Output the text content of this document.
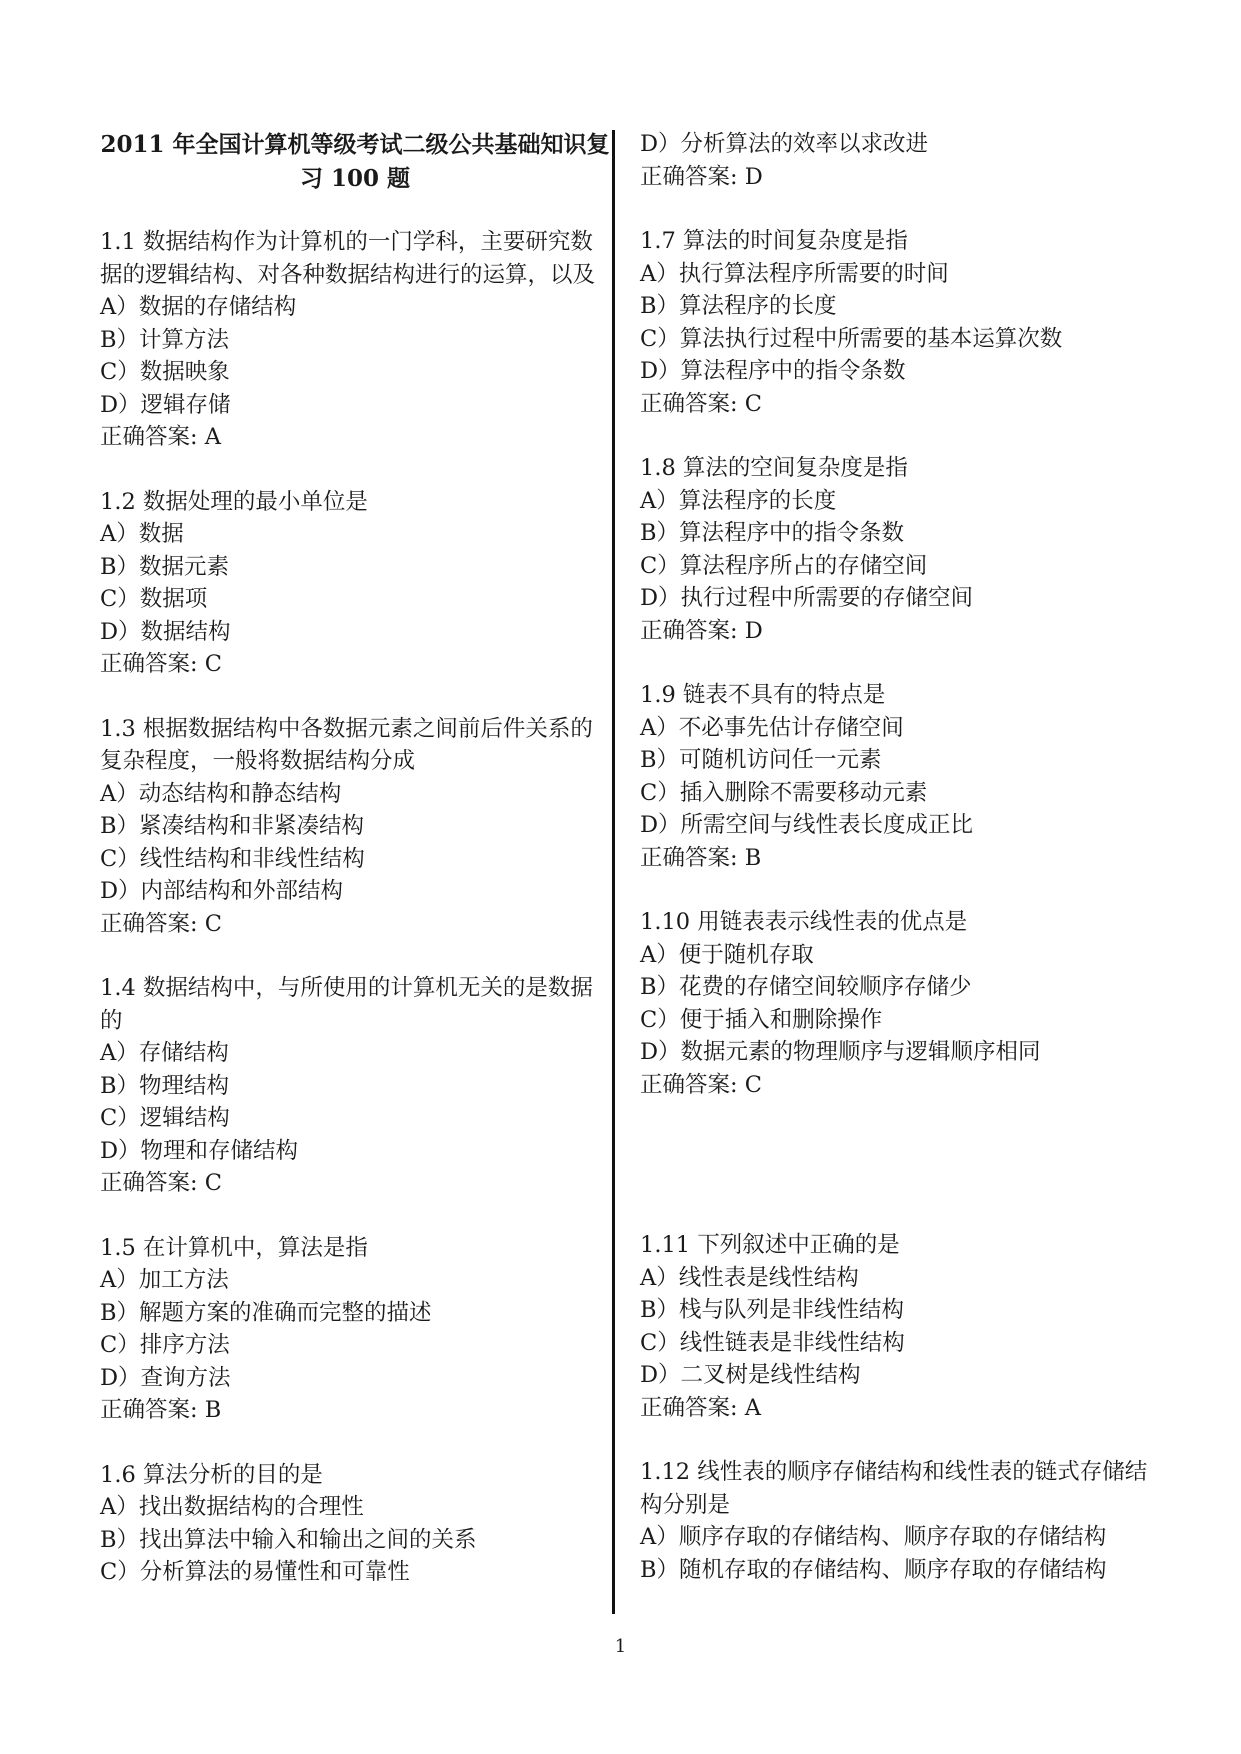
2011 年全国计算机等级考试二级公共基础知识复习 100 题
1.1 数据结构作为计算机的一门学科，主要研究数据的逻辑结构、对各种数据结构进行的运算，以及
A）数据的存储结构
B）计算方法
C）数据映象
D）逻辑存储
正确答案: A
1.2 数据处理的最小单位是
A）数据
B）数据元素
C）数据项
D）数据结构
正确答案: C
1.3 根据数据结构中各数据元素之间前后件关系的复杂程度，一般将数据结构分成
A）动态结构和静态结构
B）紧凑结构和非紧凑结构
C）线性结构和非线性结构
D）内部结构和外部结构
正确答案: C
1.4 数据结构中，与所使用的计算机无关的是数据的
A）存储结构
B）物理结构
C）逻辑结构
D）物理和存储结构
正确答案: C
1.5 在计算机中，算法是指
A）加工方法
B）解题方案的准确而完整的描述
C）排序方法
D）查询方法
正确答案: B
1.6 算法分析的目的是
A）找出数据结构的合理性
B）找出算法中输入和输出之间的关系
C）分析算法的易懂性和可靠性
D）分析算法的效率以求改进
正确答案: D
1.7 算法的时间复杂度是指
A）执行算法程序所需要的时间
B）算法程序的长度
C）算法执行过程中所需要的基本运算次数
D）算法程序中的指令条数
正确答案: C
1.8 算法的空间复杂度是指
A）算法程序的长度
B）算法程序中的指令条数
C）算法程序所占的存储空间
D）执行过程中所需要的存储空间
正确答案: D
1.9 链表不具有的特点是
A）不必事先估计存储空间
B）可随机访问任一元素
C）插入删除不需要移动元素
D）所需空间与线性表长度成正比
正确答案: B
1.10 用链表表示线性表的优点是
A）便于随机存取
B）花费的存储空间较顺序存储少
C）便于插入和删除操作
D）数据元素的物理顺序与逻辑顺序相同
正确答案: C
1.11 下列叙述中正确的是
A）线性表是线性结构
B）栈与队列是非线性结构
C）线性链表是非线性结构
D）二叉树是线性结构
正确答案: A
1.12 线性表的顺序存储结构和线性表的链式存储结构分别是
A）顺序存取的存储结构、顺序存取的存储结构
B）随机存取的存储结构、顺序存取的存储结构
1
